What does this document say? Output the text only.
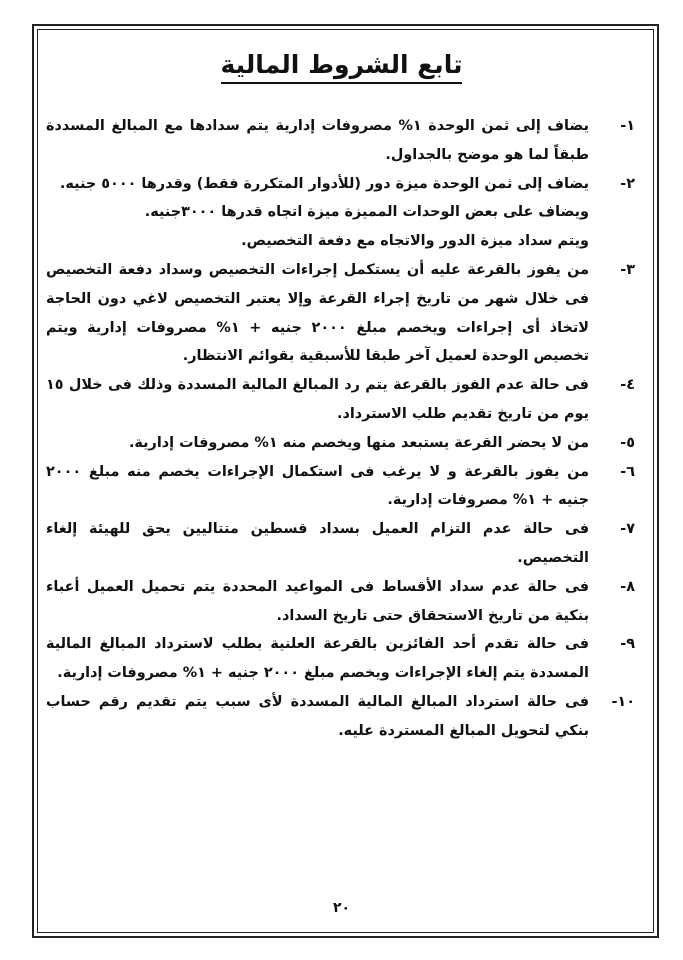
تابع الشروط المالية
١-

يضاف إلى ثمن الوحدة ١% مصروفات إدارية يتم سدادها مع المبالغ المسددة طبقاً لما هو موضح بالجداول.

٢-

يضاف إلى ثمن الوحدة ميزة دور (للأدوار المتكررة فقط) وقدرها ٥٠٠٠ جنيه.

ويضاف على بعض الوحدات المميزة ميزة اتجاه قدرها ٣٠٠٠جنيه.

ويتم سداد ميزة الدور والاتجاه مع دفعة التخصيص.

٣-

من يفوز بالقرعة عليه أن يستكمل إجراءات التخصيص وسداد دفعة التخصيص فى خلال شهر من تاريخ إجراء القرعة وإلا يعتبر التخصيص لاغي دون الحاجة لاتخاذ أى إجراءات ويخصم مبلغ ٢٠٠٠ جنيه + ١% مصروفات إدارية ويتم تخصيص الوحدة لعميل آخر طبقا للأسبقية بقوائم الانتظار.

٤-

فى حالة عدم الفوز بالقرعة يتم رد المبالغ المالية المسددة وذلك فى خلال ١٥ يوم من تاريخ تقديم طلب الاسترداد.

٥-

من لا يحضر القرعة يستبعد منها ويخصم منه ١% مصروفات إدارية.

٦-

من يفوز بالقرعة و لا يرغب فى استكمال الإجراءات يخصم منه مبلغ ٢٠٠٠ جنيه + ١% مصروفات إدارية.

٧-

فى حالة عدم التزام العميل بسداد قسطين متتاليين يحق للهيئة إلغاء التخصيص.

٨-

فى حالة عدم سداد الأقساط فى المواعيد المحددة يتم تحميل العميل أعباء بنكية من تاريخ الاستحقاق حتى تاريخ السداد.

٩-

فى حالة تقدم أحد الفائزين بالقرعة العلنية بطلب لاسترداد المبالغ المالية المسددة يتم إلغاء الإجراءات ويخصم مبلغ ٢٠٠٠ جنيه + ١% مصروفات إدارية.

١٠-

فى حالة استرداد المبالغ المالية المسددة لأى سبب يتم تقديم رقم حساب بنكي لتحويل المبالغ المستردة عليه.

٢٠
